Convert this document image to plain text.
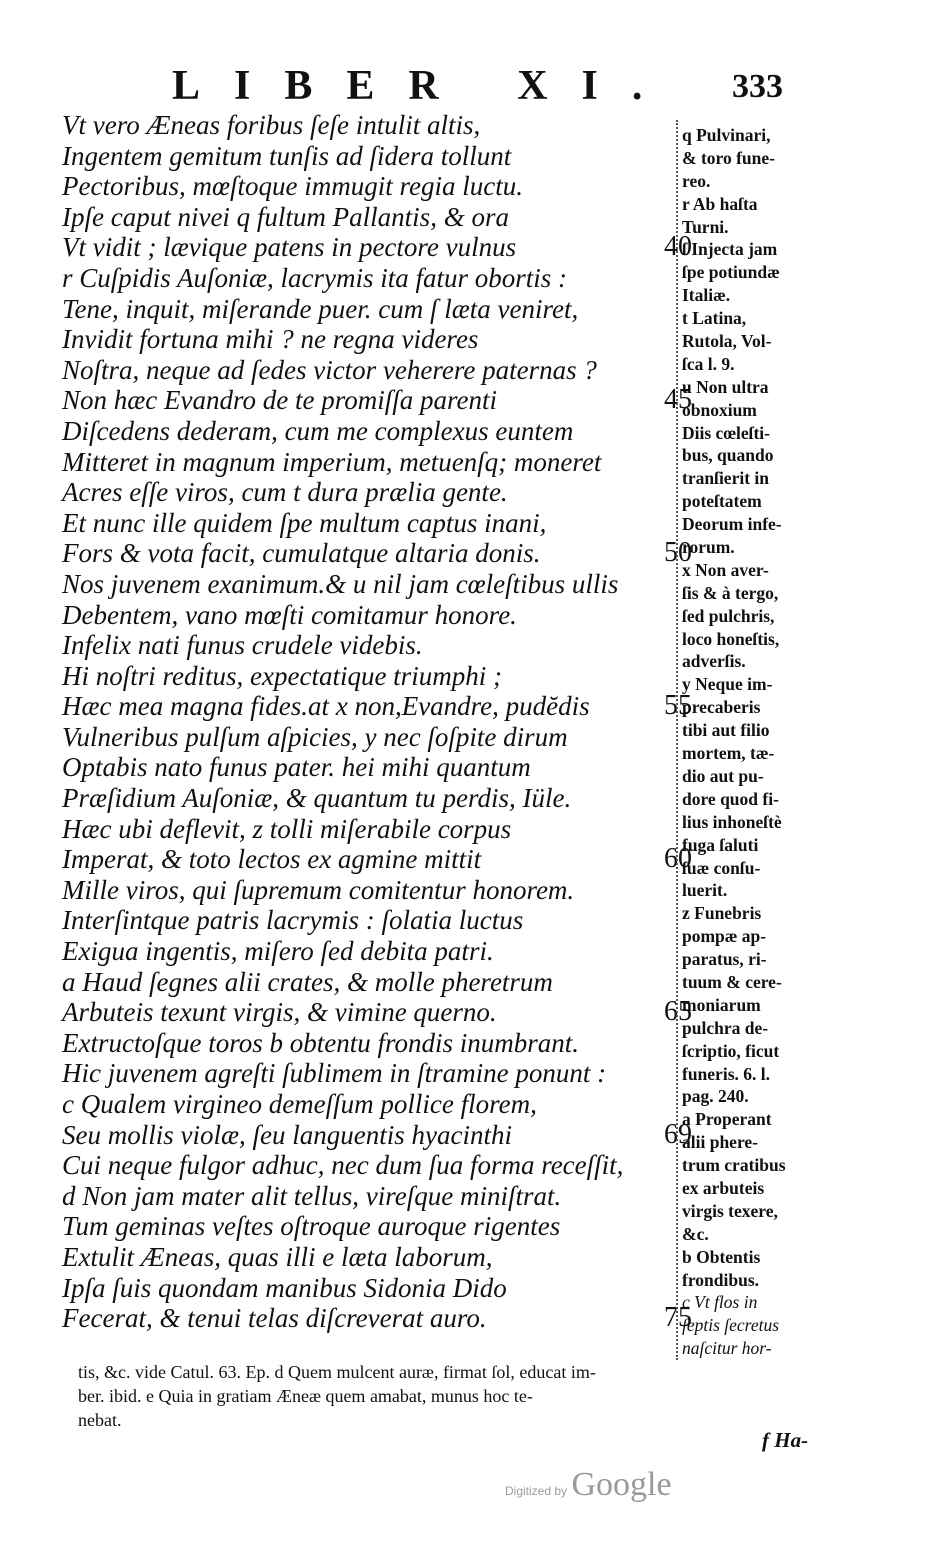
LIBER XI. 333
Vt vero Æneas foribus ſeſe intulit altis,
Ingentem gemitum tunſis ad ſidera tollunt
Pectoribus, mœſtoque immugit regia luctu.
Ipſe caput nivei q fultum Pallantis, & ora
Vt vidit ; lævique patens in pectore vulnus	40
r Cuſpidis Auſoniæ, lacrymis ita fatur obortis :
Tene, inquit, miſerande puer. cum ſ læta veniret,
Invidit fortuna mihi ? ne regna videres
Noſtra, neque ad ſedes victor veherere paternas ?
Non hæc Evandro de te promiſſa parenti	45
Diſcedens dederam, cum me complexus euntem
Mitteret in magnum imperium, metuenſq; moneret
Acres eſſe viros, cum t dura prælia gente.
Et nunc ille quidem ſpe multum captus inani,
Fors & vota facit, cumulatque altaria donis.	50
Nos juvenem exanimum.& u nil jam cœleſtibus ullis
Debentem, vano mœſti comitamur honore.
Infelix nati funus crudele videbis.
Hi noſtri reditus, expectatique triumphi ;
Hæc mea magna fides.at x non,Evandre, pudĕdis	55
Vulneribus pulſum aſpicies, y nec ſoſpite dirum
Optabis nato funus pater. hei mihi quantum
Præſidium Auſoniæ, & quantum tu perdis, Iüle.
Hæc ubi deflevit, z tolli miſerabile corpus
Imperat, & toto lectos ex agmine mittit	60
Mille viros, qui ſupremum comitentur honorem.
Interſintque patris lacrymis : ſolatia luctus
Exigua ingentis, miſero ſed debita patri.
a Haud ſegnes alii crates, & molle pheretrum
Arbuteis texunt virgis, & vimine querno.	65
Extructoſque toros b obtentu frondis inumbrant.
Hic juvenem agreſti ſublimem in ſtramine ponunt :
c Qualem virgineo demeſſum pollice florem,
Seu mollis violæ, ſeu languentis hyacinthi	69
Cui neque fulgor adhuc, nec dum ſua forma receſſit,
d Non jam mater alit tellus, vireſque miniſtrat.
Tum geminas veſtes oſtroque auroque rigentes
Extulit Æneas, quas illi e læta laborum,
Ipſa ſuis quondam manibus Sidonia Dido
Fecerat, & tenui telas diſcreverat auro.	75
q Pulvinari,
& toro fune-
reo.
r Ab haſta
Turni.
ſ Injecta jam
ſpe potiundæ
Italiæ.
t Latina,
Rutola, Vol-
ſca l. 9.
u Non ultra
obnoxium
Diis cœleſti-
bus, quando
tranſierit in
poteſtatem
Deorum infe-
rorum.
x Non aver-
ſis & à tergo,
ſed pulchris,
loco honeſtis,
adverſis.
y Neque im-
precaberis
tibi aut filio
mortem, tæ-
dio aut pu-
dore quod fi-
lius inhoneſtè
fuga ſaluti
ſuæ conſu-
luerit.
z Funebris
pompæ ap-
paratus, ri-
tuum & cere-
moniarum
pulchra de-
ſcriptio, ficut
funeris. 6. l.
pag. 240.
a Properant
alii phere-
trum cratibus
ex arbuteis
virgis texere,
&c.
b Obtentis
frondibus.
c Vt flos in
ſeptis ſecretus
naſcitur hor-
tis, &c. vide Catul. 63. Ep. d Quem mulcent auræ, firmat ſol, educat im-
ber. ibid. e Quia in gratiam Æneæ quem amabat, munus hoc te-
nebat.
f Ha-
Digitized by Google
